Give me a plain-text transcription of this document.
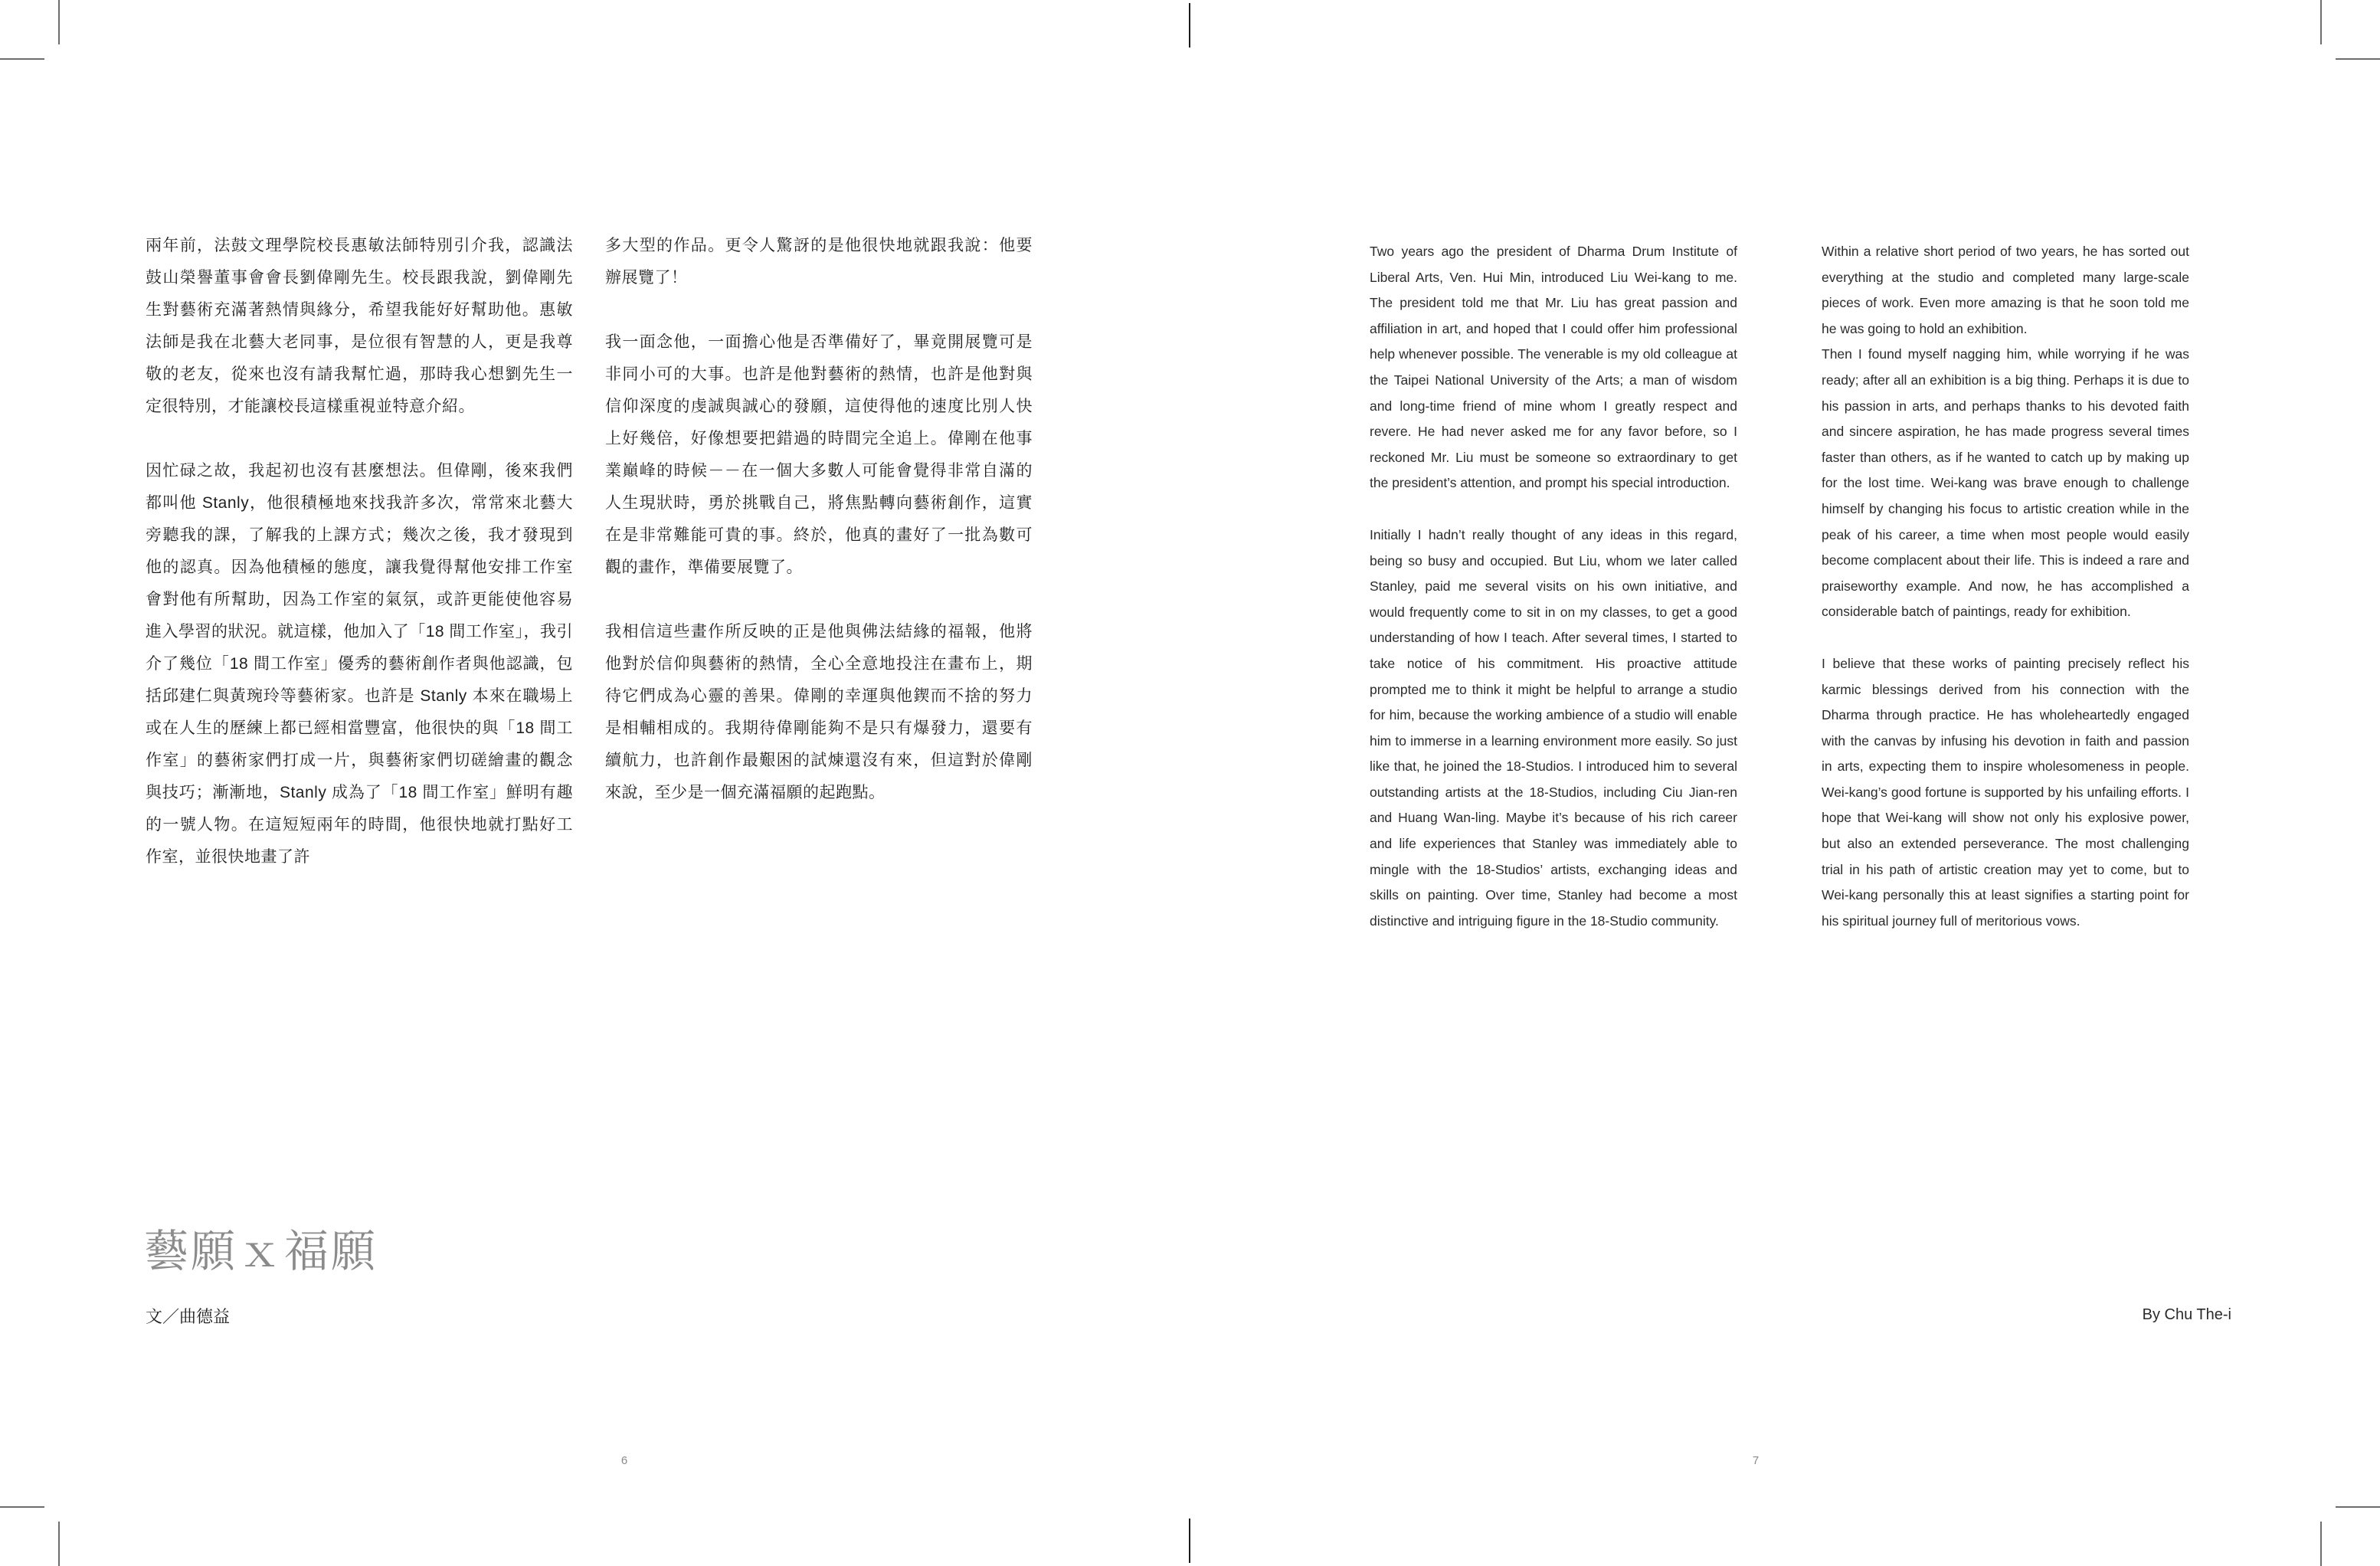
兩年前，法鼓文理學院校長惠敏法師特別引介我，認識法鼓山榮譽董事會會長劉偉剛先生。校長跟我說，劉偉剛先生對藝術充滿著熱情與緣分，希望我能好好幫助他。惠敏法師是我在北藝大老同事，是位很有智慧的人，更是我尊敬的老友，從來也沒有請我幫忙過，那時我心想劉先生一定很特別，才能讓校長這樣重視並特意介紹。

因忙碌之故，我起初也沒有甚麼想法。但偉剛，後來我們都叫他 Stanly，他很積極地來找我許多次，常常來北藝大旁聽我的課，了解我的上課方式；幾次之後，我才發現到他的認真。因為他積極的態度，讓我覺得幫他安排工作室會對他有所幫助，因為工作室的氣氛，或許更能使他容易進入學習的狀況。就這樣，他加入了「18 間工作室」，我引介了幾位「18 間工作室」優秀的藝術創作者與他認識，包括邱建仁與黃琬玲等藝術家。也許是 Stanly 本來在職場上或在人生的歷練上都已經相當豐富，他很快的與「18 間工作室」的藝術家們打成一片，與藝術家們切磋繪畫的觀念與技巧；漸漸地，Stanly 成為了「18 間工作室」鮮明有趣的一號人物。在這短短兩年的時間，他很快地就打點好工作室，並很快地畫了許

多大型的作品。更令人驚訝的是他很快地就跟我說：他要辦展覽了！

我一面念他，一面擔心他是否準備好了，畢竟開展覽可是非同小可的大事。也許是他對藝術的熱情，也許是他對與信仰深度的虔誠與誠心的發願，這使得他的速度比別人快上好幾倍，好像想要把錯過的時間完全追上。偉剛在他事業巔峰的時候－－在一個大多數人可能會覺得非常自滿的人生現狀時，勇於挑戰自己，將焦點轉向藝術創作，這實在是非常難能可貴的事。終於，他真的畫好了一批為數可觀的畫作，準備要展覽了。

我相信這些畫作所反映的正是他與佛法結緣的福報，他將他對於信仰與藝術的熱情，全心全意地投注在畫布上，期待它們成為心靈的善果。偉剛的幸運與他鍥而不捨的努力是相輔相成的。我期待偉剛能夠不是只有爆發力，還要有續航力，也許創作最艱困的試煉還沒有來，但這對於偉剛來說，至少是一個充滿福願的起跑點。

藝願ｘ福願
文／曲德益
6

Two years ago the president of Dharma Drum Institute of Liberal Arts, Ven. Hui Min, introduced Liu Wei-kang to me. The president told me that Mr. Liu has great passion and affiliation in art, and hoped that I could offer him professional help whenever possible. The venerable is my old colleague at the Taipei National University of the Arts; a man of wisdom and long-time friend of mine whom I greatly respect and revere. He had never asked me for any favor before, so I reckoned Mr. Liu must be someone so extraordinary to get the president’s attention, and prompt his special introduction.

Initially I hadn’t really thought of any ideas in this regard, being so busy and occupied. But Liu, whom we later called Stanley, paid me several visits on his own initiative, and would frequently come to sit in on my classes, to get a good understanding of how I teach. After several times, I started to take notice of his commitment. His proactive attitude prompted me to think it might be helpful to arrange a studio for him, because the working ambience of a studio will enable him to immerse in a learning environment more easily. So just like that, he joined the 18-Studios. I introduced him to several outstanding artists at the 18-Studios, including Ciu Jian-ren and Huang Wan-ling. Maybe it’s because of his rich career and life experiences that Stanley was immediately able to mingle with the 18-Studios’ artists, exchanging ideas and skills on painting. Over time, Stanley had become a most distinctive and intriguing figure in the 18-Studio community.

Within a relative short period of two years, he has sorted out everything at the studio and completed many large-scale pieces of work. Even more amazing is that he soon told me he was going to hold an exhibition.

Then I found myself nagging him, while worrying if he was ready; after all an exhibition is a big thing. Perhaps it is due to his passion in arts, and perhaps thanks to his devoted faith and sincere aspiration, he has made progress several times faster than others, as if he wanted to catch up by making up for the lost time. Wei-kang was brave enough to challenge himself by changing his focus to artistic creation while in the peak of his career, a time when most people would easily become complacent about their life. This is indeed a rare and praiseworthy example. And now, he has accomplished a considerable batch of paintings, ready for exhibition.

I believe that these works of painting precisely reflect his karmic blessings derived from his connection with the Dharma through practice. He has wholeheartedly engaged with the canvas by infusing his devotion in faith and passion in arts, expecting them to inspire wholesomeness in people. Wei-kang’s good fortune is supported by his unfailing efforts. I hope that Wei-kang will show not only his explosive power, but also an extended perseverance. The most challenging trial in his path of artistic creation may yet to come, but to Wei-kang personally this at least signifies a starting point for his spiritual journey full of meritorious vows.

By Chu The-i
7
